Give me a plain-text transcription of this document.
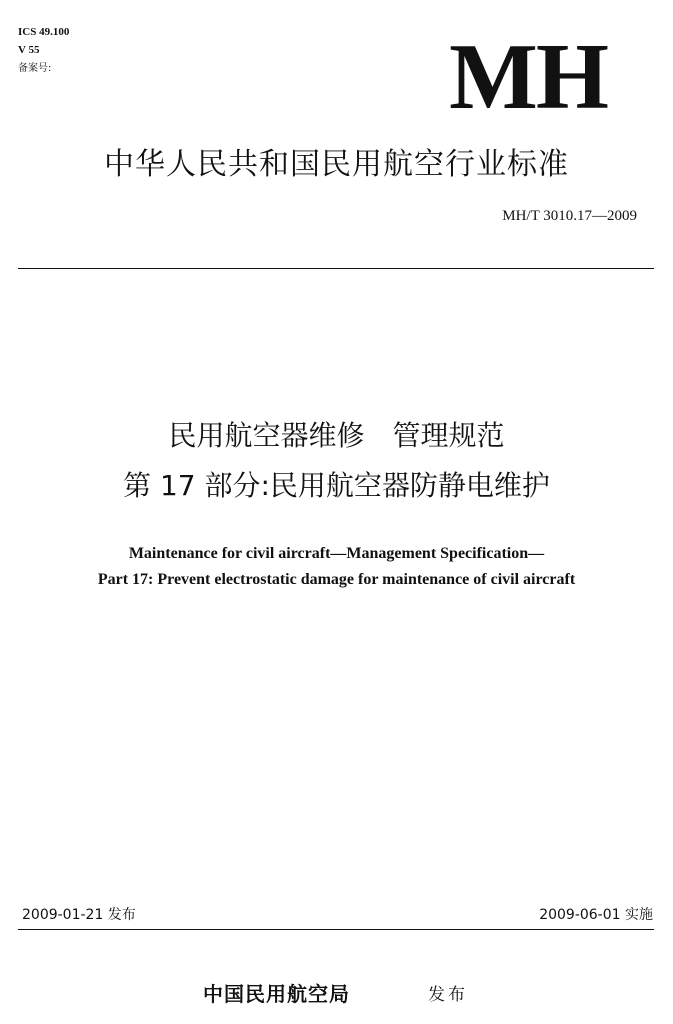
ICS 49.100
V 55
备案号:	MH
中华人民共和国民用航空行业标准
MH/T 3010.17—2009
民用航空器维修　管理规范
第 17 部分:民用航空器防静电维护
Maintenance for civil aircraft—Management Specification—
Part 17: Prevent electrostatic damage for maintenance of civil aircraft
2009-01-21 发布	2009-06-01 实施
中国民用航空局	发布
